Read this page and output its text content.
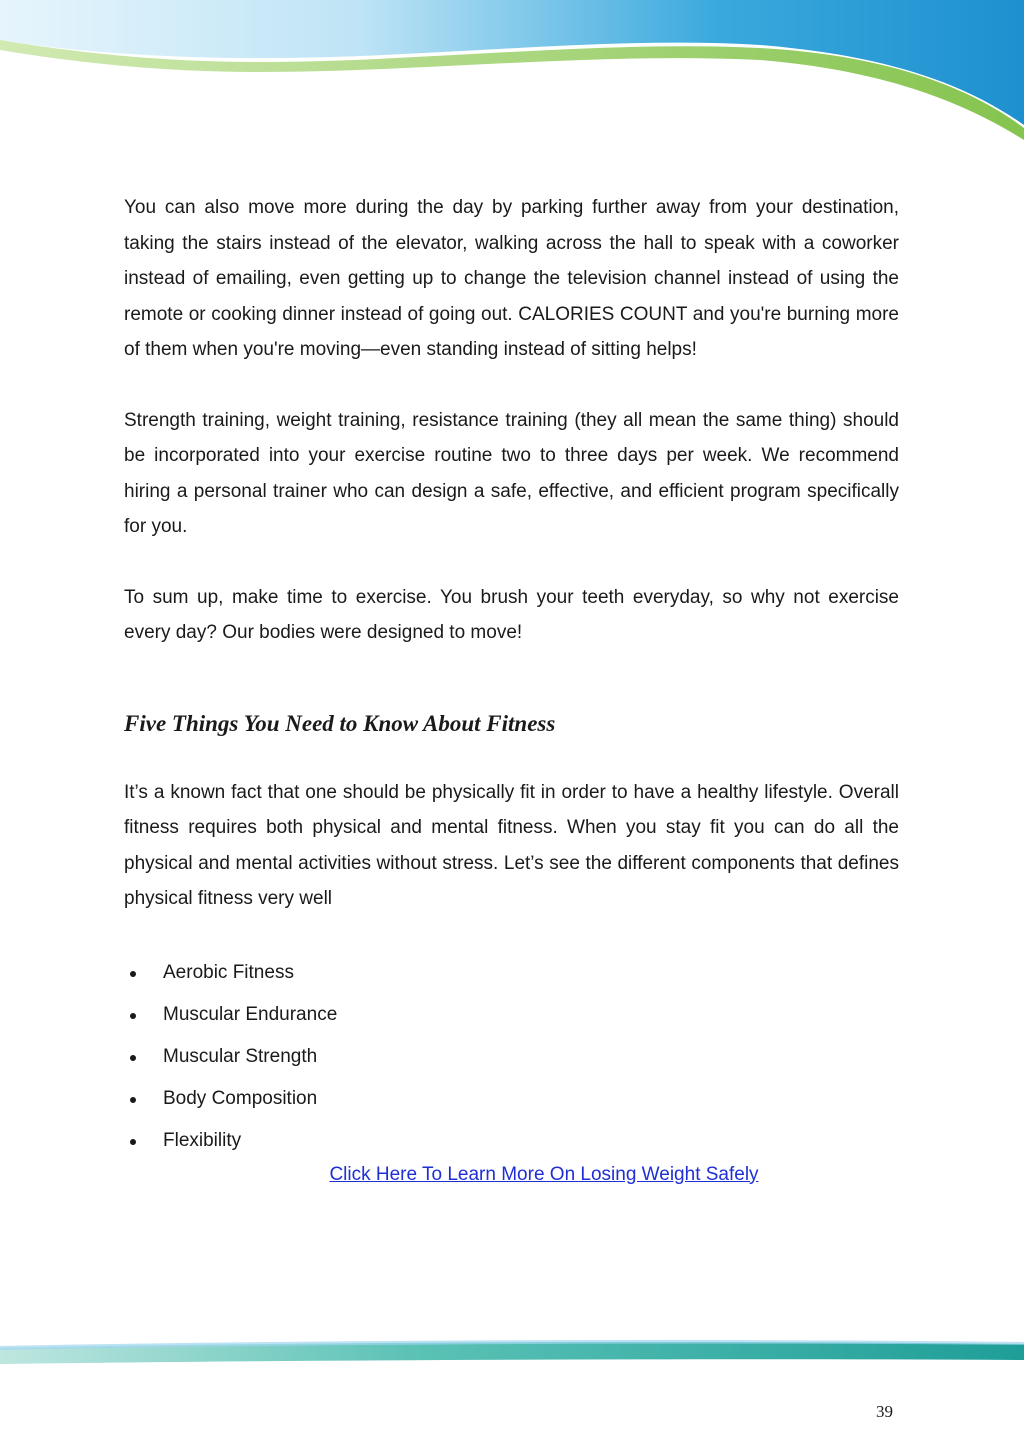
You can also move more during the day by parking further away from your destination, taking the stairs instead of the elevator, walking across the hall to speak with a coworker instead of emailing, even getting up to change the television channel instead of using the remote or cooking dinner instead of going out. CALORIES COUNT and you're burning more of them when you're moving—even standing instead of sitting helps!

Strength training, weight training, resistance training (they all mean the same thing) should be incorporated into your exercise routine two to three days per week. We recommend hiring a personal trainer who can design a safe, effective, and efficient program specifically for you.

To sum up, make time to exercise. You brush your teeth everyday, so why not exercise every day? Our bodies were designed to move!

Five Things You Need to Know About Fitness

It’s a known fact that one should be physically fit in order to have a healthy lifestyle. Overall fitness requires both physical and mental fitness. When you stay fit you can do all the physical and mental activities without stress. Let’s see the different components that defines physical fitness very well

Aerobic Fitness
Muscular Endurance
Muscular Strength
Body Composition
Flexibility
Click Here To Learn More On Losing Weight Safely
39
